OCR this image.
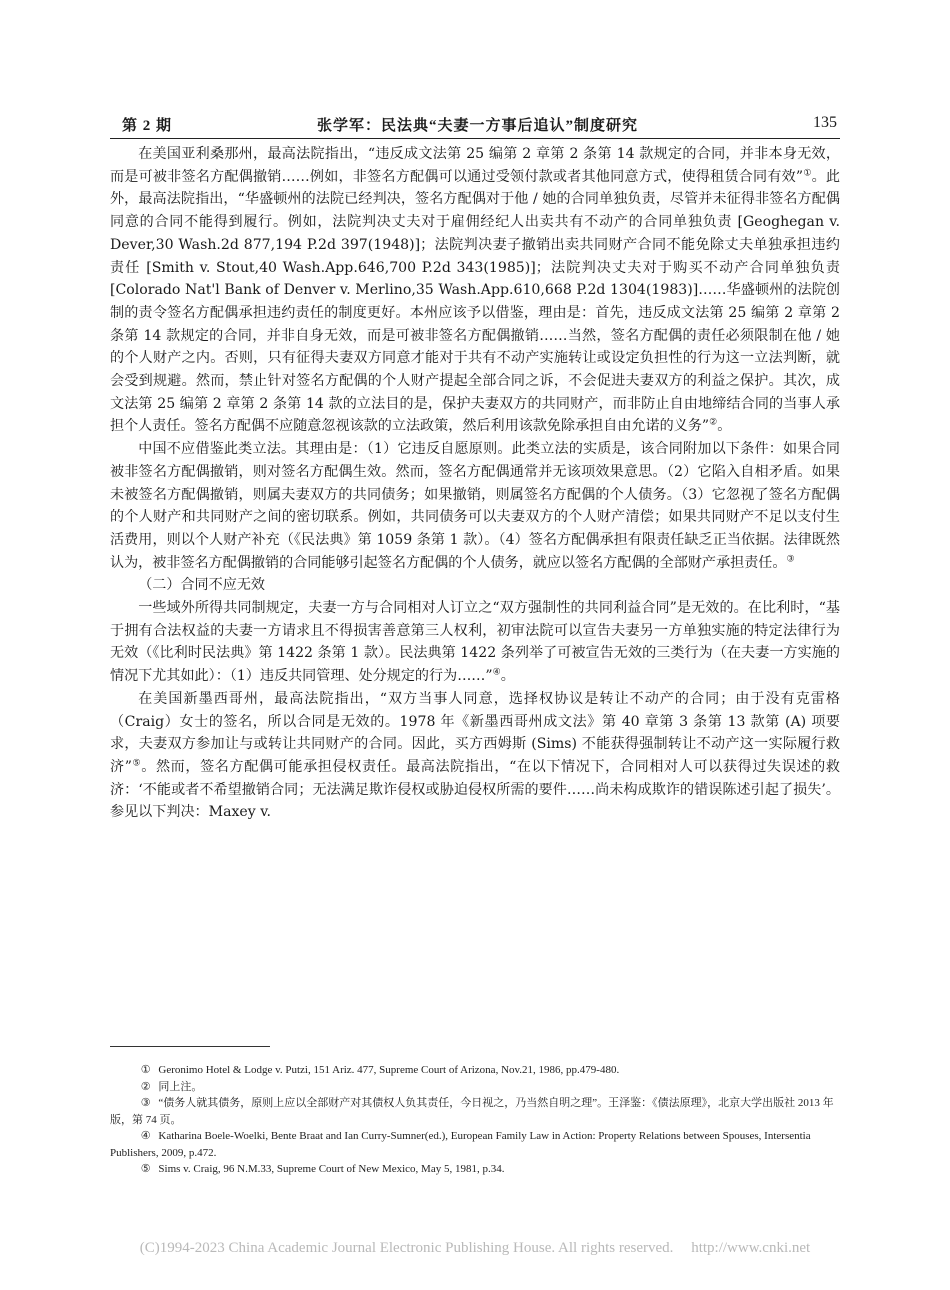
第 2 期	张学军：民法典“夫妻一方事后追认”制度研究	135

在美国亚利桑那州，最高法院指出，“违反成文法第 25 编第 2 章第 2 条第 14 款规定的合同，并非本身无效，而是可被非签名方配偶撤销……例如，非签名方配偶可以通过受领付款或者其他同意方式，使得租赁合同有效”①。此外，最高法院指出，“华盛顿州的法院已经判决，签名方配偶对于他 / 她的合同单独负责，尽管并未征得非签名方配偶同意的合同不能得到履行。例如，法院判决丈夫对于雇佣经纪人出卖共有不动产的合同单独负责 [Geoghegan v. Dever,30 Wash.2d 877,194 P.2d 397(1948)]；法院判决妻子撤销出卖共同财产合同不能免除丈夫单独承担违约责任 [Smith v. Stout,40 Wash.App.646,700 P.2d 343(1985)]；法院判决丈夫对于购买不动产合同单独负责 [Colorado Nat'l Bank of Denver v. Merlino,35 Wash.App.610,668 P.2d 1304(1983)]……华盛顿州的法院创制的责令签名方配偶承担违约责任的制度更好。本州应该予以借鉴，理由是：首先，违反成文法第 25 编第 2 章第 2 条第 14 款规定的合同，并非自身无效，而是可被非签名方配偶撤销……当然，签名方配偶的责任必须限制在他 / 她的个人财产之内。否则，只有征得夫妻双方同意才能对于共有不动产实施转让或设定负担性的行为这一立法判断，就会受到规避。然而，禁止针对签名方配偶的个人财产提起全部合同之诉，不会促进夫妻双方的利益之保护。其次，成文法第 25 编第 2 章第 2 条第 14 款的立法目的是，保护夫妻双方的共同财产，而非防止自由地缔结合同的当事人承担个人责任。签名方配偶不应随意忽视该款的立法政策，然后利用该款免除承担自由允诺的义务”②。

中国不应借鉴此类立法。其理由是：（1）它违反自愿原则。此类立法的实质是，该合同附加以下条件：如果合同被非签名方配偶撤销，则对签名方配偶生效。然而，签名方配偶通常并无该项效果意思。（2）它陷入自相矛盾。如果未被签名方配偶撤销，则属夫妻双方的共同债务；如果撤销，则属签名方配偶的个人债务。（3）它忽视了签名方配偶的个人财产和共同财产之间的密切联系。例如，共同债务可以夫妻双方的个人财产清偿；如果共同财产不足以支付生活费用，则以个人财产补充（《民法典》第 1059 条第 1 款）。（4）签名方配偶承担有限责任缺乏正当依据。法律既然认为，被非签名方配偶撤销的合同能够引起签名方配偶的个人债务，就应以签名方配偶的全部财产承担责任。③

（二）合同不应无效

一些域外所得共同制规定，夫妻一方与合同相对人订立之“双方强制性的共同利益合同”是无效的。在比利时，“基于拥有合法权益的夫妻一方请求且不得损害善意第三人权利，初审法院可以宣告夫妻另一方单独实施的特定法律行为无效（《比利时民法典》第 1422 条第 1 款）。民法典第 1422 条列举了可被宣告无效的三类行为（在夫妻一方实施的情况下尤其如此）：（1）违反共同管理、处分规定的行为……”④。

在美国新墨西哥州，最高法院指出，“双方当事人同意，选择权协议是转让不动产的合同；由于没有克雷格（Craig）女士的签名，所以合同是无效的。1978 年《新墨西哥州成文法》第 40 章第 3 条第 13 款第 (A) 项要求，夫妻双方参加让与或转让共同财产的合同。因此，买方西姆斯 (Sims) 不能获得强制转让不动产这一实际履行救济”⑤。然而，签名方配偶可能承担侵权责任。最高法院指出，“在以下情况下，合同相对人可以获得过失误述的救济：‘不能或者不希望撤销合同；无法满足欺诈侵权或胁迫侵权所需的要件……尚未构成欺诈的错误陈述引起了损失’。参见以下判决：Maxey v.

① Geronimo Hotel & Lodge v. Putzi, 151 Ariz. 477, Supreme Court of Arizona, Nov.21, 1986, pp.479-480.

② 同上注。

③ “债务人就其债务，原则上应以全部财产对其债权人负其责任，今日视之，乃当然自明之理”。王泽鉴：《债法原理》，北京大学出版社 2013 年版，第 74 页。

④ Katharina Boele-Woelki, Bente Braat and Ian Curry-Sumner(ed.), European Family Law in Action: Property Relations between Spouses, Intersentia Publishers, 2009, p.472.

⑤ Sims v. Craig, 96 N.M.33, Supreme Court of New Mexico, May 5, 1981, p.34.

(C)1994-2023 China Academic Journal Electronic Publishing House. All rights reserved. http://www.cnki.net
